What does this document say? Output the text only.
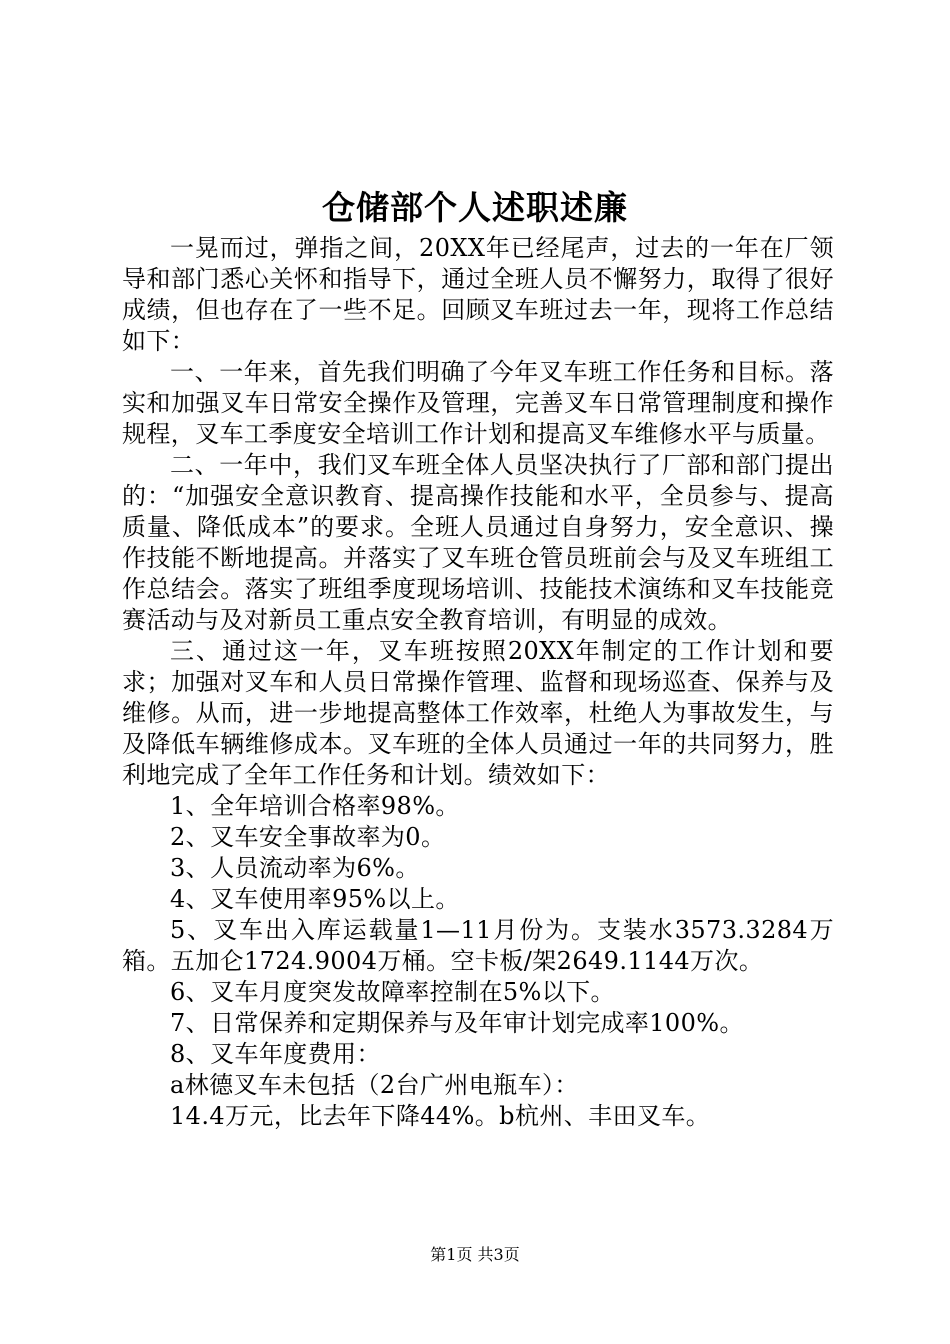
仓储部个人述职述廉

一晃而过，弹指之间，20XX年已经尾声，过去的一年在厂领导和部门悉心关怀和指导下，通过全班人员不懈努力，取得了很好成绩，但也存在了一些不足。回顾叉车班过去一年，现将工作总结如下：

一、一年来，首先我们明确了今年叉车班工作任务和目标。落实和加强叉车日常安全操作及管理，完善叉车日常管理制度和操作规程，叉车工季度安全培训工作计划和提高叉车维修水平与质量。

二、一年中，我们叉车班全体人员坚决执行了厂部和部门提出的：“加强安全意识教育、提高操作技能和水平，全员参与、提高质量、降低成本”的要求。全班人员通过自身努力，安全意识、操作技能不断地提高。并落实了叉车班仓管员班前会与及叉车班组工作总结会。落实了班组季度现场培训、技能技术演练和叉车技能竞赛活动与及对新员工重点安全教育培训，有明显的成效。

三、通过这一年，叉车班按照20XX年制定的工作计划和要求；加强对叉车和人员日常操作管理、监督和现场巡查、保养与及维修。从而，进一步地提高整体工作效率，杜绝人为事故发生，与及降低车辆维修成本。叉车班的全体人员通过一年的共同努力，胜利地完成了全年工作任务和计划。绩效如下：

1、全年培训合格率98%。

2、叉车安全事故率为0。

3、人员流动率为6%。

4、叉车使用率95%以上。

5、叉车出入库运载量1—11月份为。支装水3573.3284万箱。五加仑1724.9004万桶。空卡板/架2649.1144万次。

6、叉车月度突发故障率控制在5%以下。

7、日常保养和定期保养与及年审计划完成率100%。

8、叉车年度费用：

a林德叉车未包括（2台广州电瓶车）：

14.4万元，比去年下降44%。b杭州、丰田叉车。

第1页 共3页
